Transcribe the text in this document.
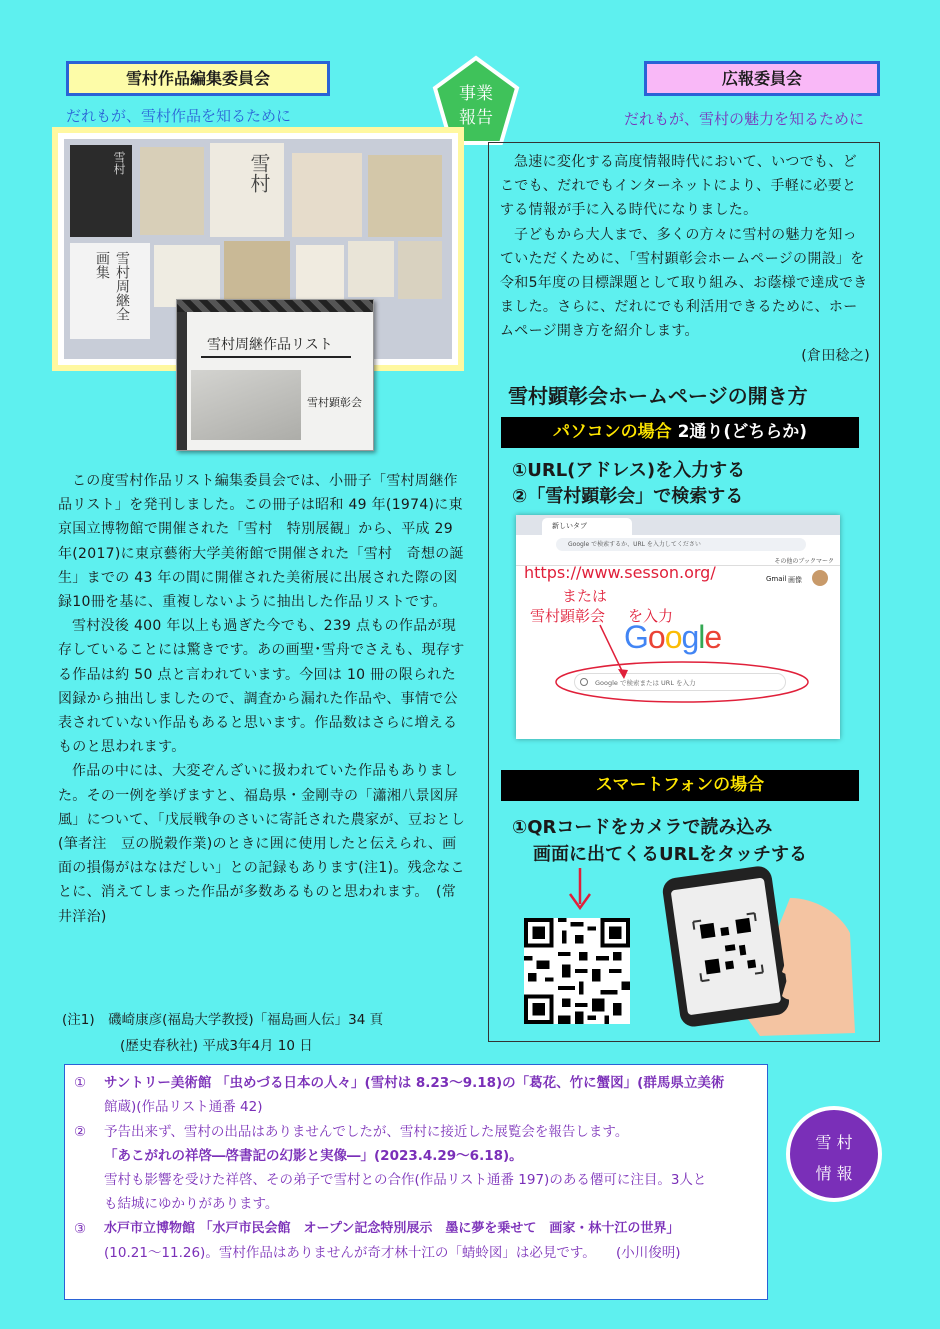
雪村作品編集委員会
だれもが、雪村作品を知るために
事業
報告
広報委員会
だれもが、雪村の魅力を知るために
雪村	雪村
雪村周継全画集
雪村周継作品リスト
雪村顕彰会

この度雪村作品リスト編集委員会では、小冊子「雪村周継作品リスト」を発刊しました。この冊子は昭和 49 年(1974)に東京国立博物館で開催された「雪村　特別展観」から、平成 29 年(2017)に東京藝術大学美術館で開催された「雪村　奇想の誕生」までの 43 年の間に開催された美術展に出展された際の図録10冊を基に、重複しないように抽出した作品リストです。

雪村没後 400 年以上も過ぎた今でも、239 点もの作品が現存していることには驚きです。あの画聖･雪舟でさえも、現存する作品は約 50 点と言われています。今回は 10 冊の限られた図録から抽出しましたので、調査から漏れた作品や、事情で公表されていない作品もあると思います。作品数はさらに増えるものと思われます。

作品の中には、大変ぞんざいに扱われていた作品もありました。その一例を挙げますと、福島県・金剛寺の「瀟湘八景図屏風」について、「戊辰戦争のさいに寄託された農家が、豆おとし(筆者注　豆の脱穀作業)のときに囲に使用したと伝えられ、画面の損傷がはなはだしい」との記録もあります(注1)。残念なことに、消えてしまった作品が多数あるものと思われます。　(常井洋治)

(注1)　磯崎康彦(福島大学教授)「福島画人伝」34 頁
(歴史春秋社) 平成3年4月 10 日

急速に変化する高度情報時代において、いつでも、どこでも、だれでもインターネットにより、手軽に必要とする情報が手に入る時代になりました。

子どもから大人まで、多くの方々に雪村の魅力を知っていただくために、「雪村顕彰会ホームページの開設」を令和5年度の目標課題として取り組み、お蔭様で達成できました。さらに、だれにでも利活用できるために、ホームページ開き方を紹介します。

(倉田稔之)
雪村顕彰会ホームページの開き方
パソコンの場合 2通り(どちらか)
①URL(アドレス)を入力する
②「雪村顕彰会」で検索する
新しいタブ
Google で検索するか、URL を入力してください
その他のブックマーク
Gmail 画像
https://www.sesson.org/
または
雪村顕彰会 を入力
Google
Google で検索または URL を入力
スマートフォンの場合
①QRコードをカメラで読み込み
画面に出てくるURLをタッチする
① サントリー美術館 「虫めづる日本の人々」(雪村は 8.23〜9.18)の「葛花、竹に蟹図」(群馬県立美術
館蔵)(作品リスト通番 42)
② 予告出来ず、雪村の出品はありませんでしたが、雪村に接近した展覧会を報告します。
「あこがれの祥啓―啓書記の幻影と実像―」(2023.4.29〜6.18)。
雪村も影響を受けた祥啓、その弟子で雪村との合作(作品リスト通番 197)のある僊可に注目。3人と
も結城にゆかりがあります。
③ 水戸市立博物館 「水戸市民会館　オープン記念特別展示　墨に夢を乗せて　画家・林十江の世界」
(10.21〜11.26)。雪村作品はありませんが奇才林十江の「蜻蛉図」は必見です。　　(小川俊明)
雪 村
情 報
